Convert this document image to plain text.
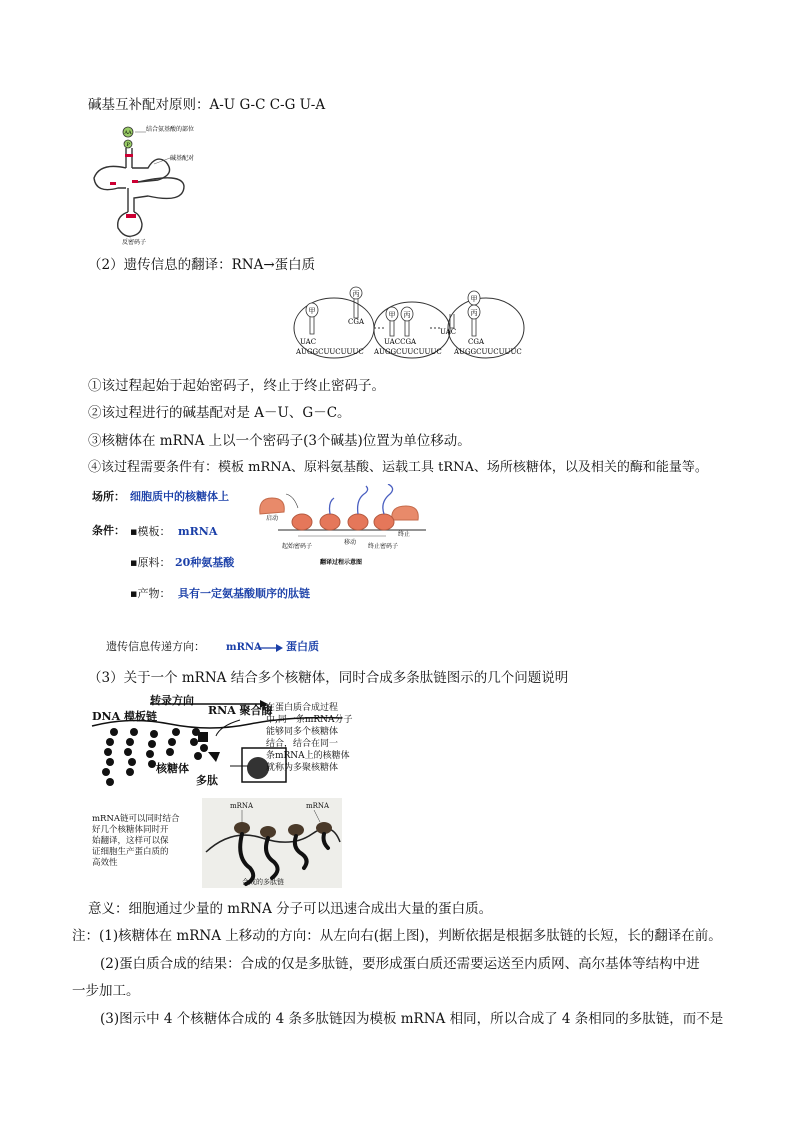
碱基互补配对原则：A-U G-C C-G U-A
AA
P
结合氨基酸的部位
碱基配对
反密码子
（2）遗传信息的翻译：RNA→蛋白质
甲
丙
UAC
CGA
AUGGCUUCUUUC
甲 丙
UACCGA
AUGGCUUCUUUC
甲
丙
UAC
CGA
AUGGCUUCUUUC
①该过程起始于起始密码子，终止于终止密码子。
②该过程进行的碱基配对是 A－U、G－C。
③核糖体在 mRNA 上以一个密码子(3个碱基)位置为单位移动。
④该过程需要条件有：模板 mRNA、原料氨基酸、运载工具 tRNA、场所核糖体，以及相关的酶和能量等。
场所： 细胞质中的核糖体上
条件： ▪模板： mRNA
▪原料： 20种氨基酸
▪产物： 具有一定氨基酸顺序的肽链
启动
终止
起始密码子
移动
终止密码子
翻译过程示意图
遗传信息传递方向： mRNA 蛋白质
（3）关于一个 mRNA 结合多个核糖体，同时合成多条肽链图示的几个问题说明
转录方向
DNA 模板链	RNA 聚合酶
核糖体
多肽
在蛋白质合成过程
中,同一条mRNA分子
能够同多个核糖体
结合，结合在同一
条mRNA上的核糖体
就称为多聚核糖体
mRNA链可以同时结合
好几个核糖体同时开
始翻译，这样可以保
证细胞生产蛋白质的
高效性
mRNA	mRNA
合成的多肽链
意义：细胞通过少量的 mRNA 分子可以迅速合成出大量的蛋白质。
注：(1)核糖体在 mRNA 上移动的方向：从左向右(据上图)，判断依据是根据多肽链的长短，长的翻译在前。
(2)蛋白质合成的结果：合成的仅是多肽链，要形成蛋白质还需要运送至内质网、高尔基体等结构中进
一步加工。
(3)图示中 4 个核糖体合成的 4 条多肽链因为模板 mRNA 相同，所以合成了 4 条相同的多肽链，而不是
